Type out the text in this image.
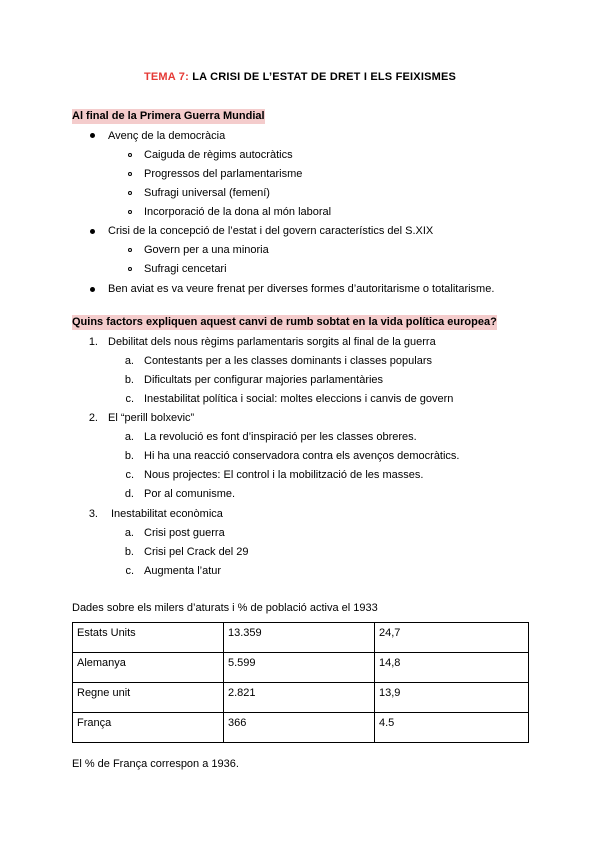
TEMA 7: LA CRISI DE L’ESTAT DE DRET I ELS FEIXISMES
Al final de la Primera Guerra Mundial
Avenç de la democràcia
Caiguda de règims autocràtics
Progressos del parlamentarisme
Sufragi universal (femení)
Incorporació de la dona al món laboral
Crisi de la concepció de l’estat i del govern característics del S.XIX
Govern per a una minoria
Sufragi cencetari
Ben aviat es va veure frenat per diverses formes d’autoritarisme o totalitarisme.
Quins factors expliquen aquest canvi de rumb sobtat en la vida política europea?
1. Debilitat dels nous règims parlamentaris sorgits al final de la guerra
a. Contestants per a les classes dominants i classes populars
b. Dificultats per configurar majories parlamentàries
c. Inestabilitat política i social: moltes eleccions i canvis de govern
2. El “perill bolxevic”
a. La revolució es font d’inspiració per les classes obreres.
b. Hi ha una reacció conservadora contra els avenços democràtics.
c. Nous projectes: El control i la mobilització de les masses.
d. Por al comunisme.
3. Inestabilitat econòmica
a. Crisi post guerra
b. Crisi pel Crack del 29
c. Augmenta l’atur
Dades sobre els milers d’aturats i % de població activa el 1933
Estats Units	13.359	24,7
Alemanya	5.599	14,8
Regne unit	2.821	13,9
França	366	4.5
El % de França correspon a 1936.
